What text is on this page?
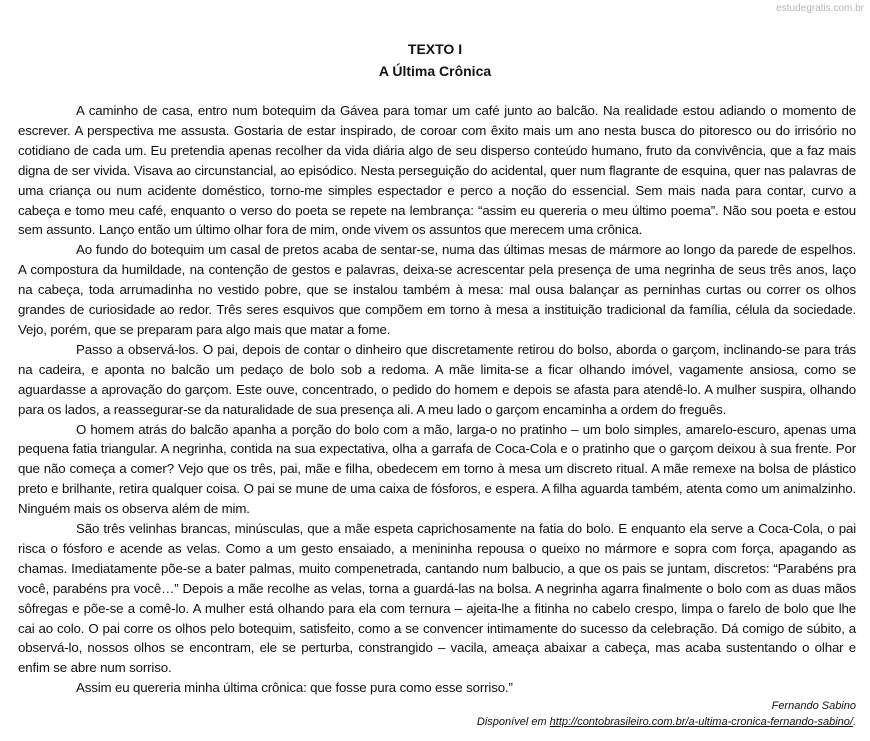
estudegratis.com.br
TEXTO I
A Última Crônica

A caminho de casa, entro num botequim da Gávea para tomar um café junto ao balcão. Na realidade estou adiando o momento de escrever. A perspectiva me assusta. Gostaria de estar inspirado, de coroar com êxito mais um ano nesta busca do pitoresco ou do irrisório no cotidiano de cada um. Eu pretendia apenas recolher da vida diária algo de seu disperso conteúdo humano, fruto da convivência, que a faz mais digna de ser vivida. Visava ao circunstancial, ao episódico. Nesta perseguição do acidental, quer num flagrante de esquina, quer nas palavras de uma criança ou num acidente doméstico, torno-me simples espectador e perco a noção do essencial. Sem mais nada para contar, curvo a cabeça e tomo meu café, enquanto o verso do poeta se repete na lembrança: “assim eu quereria o meu último poema”. Não sou poeta e estou sem assunto. Lanço então um último olhar fora de mim, onde vivem os assuntos que merecem uma crônica.

Ao fundo do botequim um casal de pretos acaba de sentar-se, numa das últimas mesas de mármore ao longo da parede de espelhos. A compostura da humildade, na contenção de gestos e palavras, deixa-se acrescentar pela presença de uma negrinha de seus três anos, laço na cabeça, toda arrumadinha no vestido pobre, que se instalou também à mesa: mal ousa balançar as perninhas curtas ou correr os olhos grandes de curiosidade ao redor. Três seres esquivos que compõem em torno à mesa a instituição tradicional da família, célula da sociedade. Vejo, porém, que se preparam para algo mais que matar a fome.

Passo a observá-los. O pai, depois de contar o dinheiro que discretamente retirou do bolso, aborda o garçom, inclinando-se para trás na cadeira, e aponta no balcão um pedaço de bolo sob a redoma. A mãe limita-se a ficar olhando imóvel, vagamente ansiosa, como se aguardasse a aprovação do garçom. Este ouve, concentrado, o pedido do homem e depois se afasta para atendê-lo. A mulher suspira, olhando para os lados, a reassegurar-se da naturalidade de sua presença ali. A meu lado o garçom encaminha a ordem do freguês.

O homem atrás do balcão apanha a porção do bolo com a mão, larga-o no pratinho – um bolo simples, amarelo-escuro, apenas uma pequena fatia triangular. A negrinha, contida na sua expectativa, olha a garrafa de Coca-Cola e o pratinho que o garçom deixou à sua frente. Por que não começa a comer? Vejo que os três, pai, mãe e filha, obedecem em torno à mesa um discreto ritual. A mãe remexe na bolsa de plástico preto e brilhante, retira qualquer coisa. O pai se mune de uma caixa de fósforos, e espera. A filha aguarda também, atenta como um animalzinho. Ninguém mais os observa além de mim.

São três velinhas brancas, minúsculas, que a mãe espeta caprichosamente na fatia do bolo. E enquanto ela serve a Coca-Cola, o pai risca o fósforo e acende as velas. Como a um gesto ensaiado, a menininha repousa o queixo no mármore e sopra com força, apagando as chamas. Imediatamente põe-se a bater palmas, muito compenetrada, cantando num balbucio, a que os pais se juntam, discretos: “Parabéns pra você, parabéns pra você…” Depois a mãe recolhe as velas, torna a guardá-las na bolsa. A negrinha agarra finalmente o bolo com as duas mãos sôfregas e põe-se a comê-lo. A mulher está olhando para ela com ternura – ajeita-lhe a fitinha no cabelo crespo, limpa o farelo de bolo que lhe cai ao colo. O pai corre os olhos pelo botequim, satisfeito, como a se convencer intimamente do sucesso da celebração. Dá comigo de súbito, a observá-lo, nossos olhos se encontram, ele se perturba, constrangido – vacila, ameaça abaixar a cabeça, mas acaba sustentando o olhar e enfim se abre num sorriso.

Assim eu quereria minha última crônica: que fosse pura como esse sorriso.”

Fernando Sabino
Disponível em http://contobrasileiro.com.br/a-ultima-cronica-fernando-sabino/.
